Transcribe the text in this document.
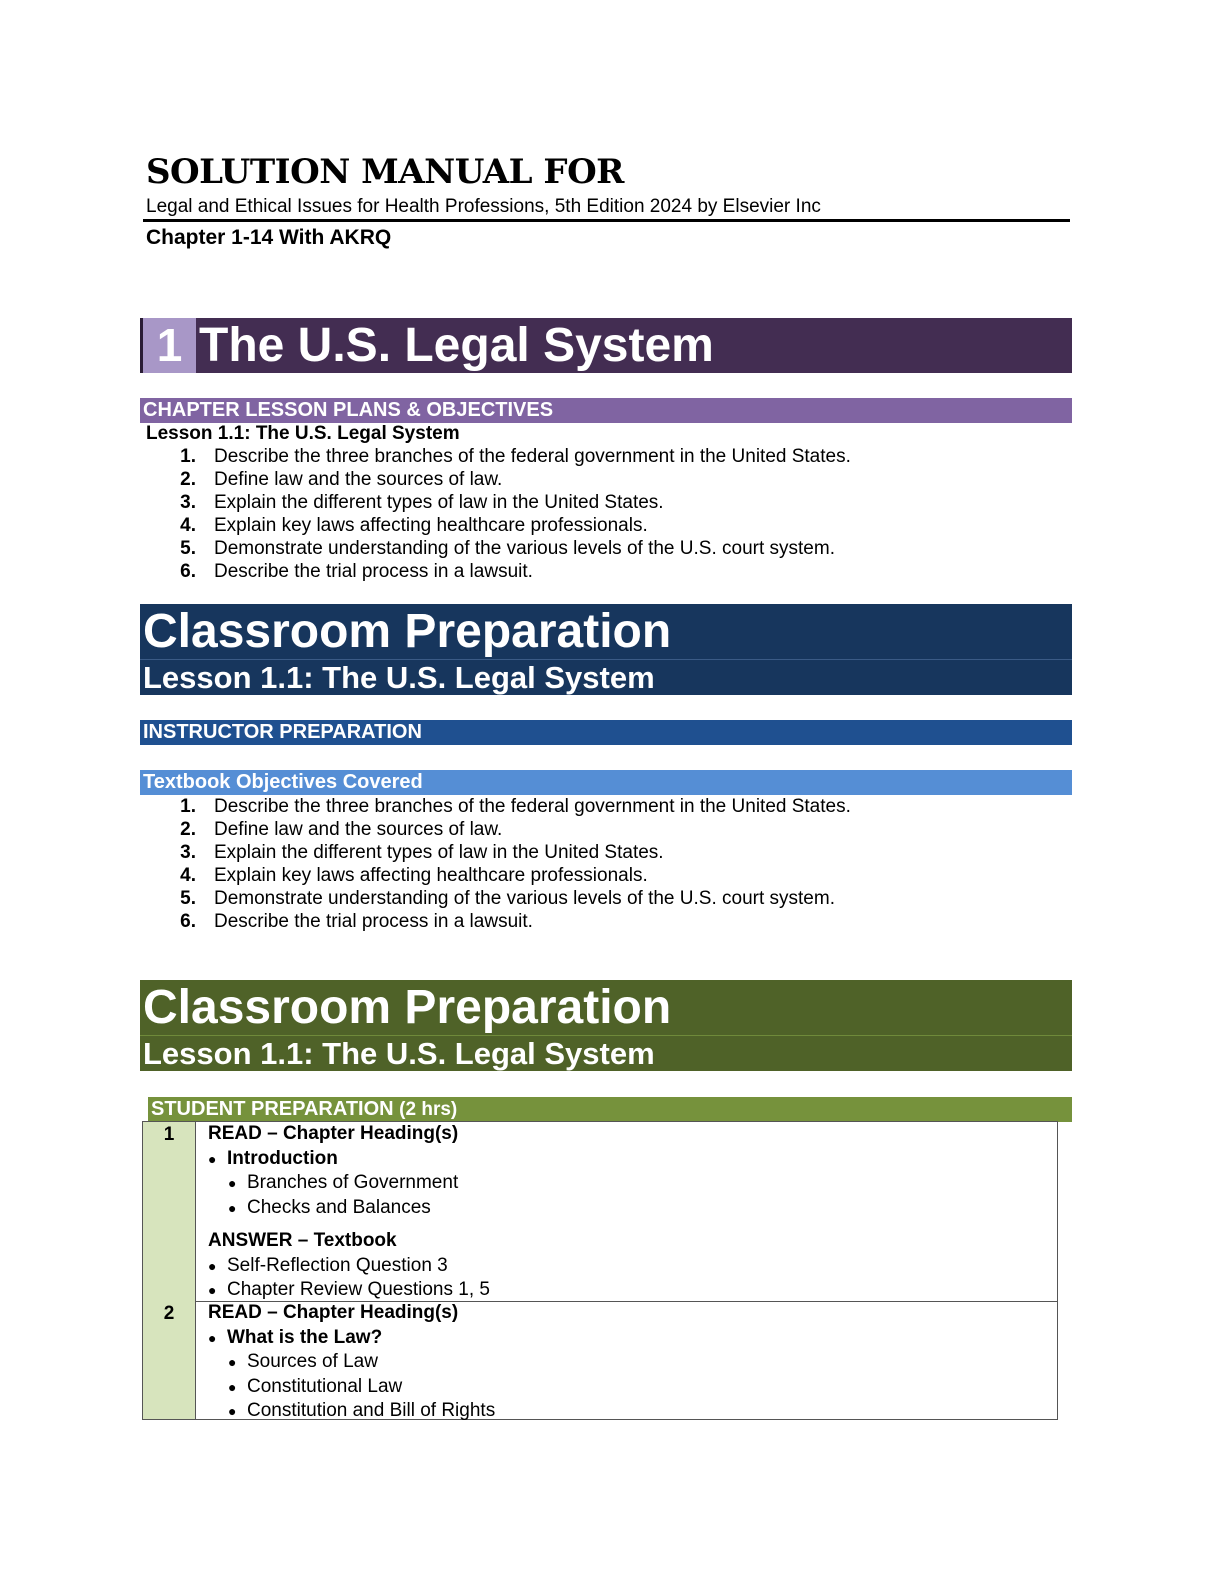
SOLUTION MANUAL FOR
Legal and Ethical Issues for Health Professions, 5th Edition 2024 by Elsevier Inc
Chapter 1-14 With AKRQ
1 The U.S. Legal System
CHAPTER LESSON PLANS & OBJECTIVES
Lesson 1.1: The U.S. Legal System
1. Describe the three branches of the federal government in the United States.
2. Define law and the sources of law.
3. Explain the different types of law in the United States.
4. Explain key laws affecting healthcare professionals.
5. Demonstrate understanding of the various levels of the U.S. court system.
6. Describe the trial process in a lawsuit.
Classroom Preparation
Lesson 1.1: The U.S. Legal System
INSTRUCTOR PREPARATION
Textbook Objectives Covered
1. Describe the three branches of the federal government in the United States.
2. Define law and the sources of law.
3. Explain the different types of law in the United States.
4. Explain key laws affecting healthcare professionals.
5. Demonstrate understanding of the various levels of the U.S. court system.
6. Describe the trial process in a lawsuit.
Classroom Preparation
Lesson 1.1: The U.S. Legal System
STUDENT PREPARATION (2 hrs)
1	READ – Chapter Heading(s)
● Introduction
● Branches of Government
● Checks and Balances
ANSWER – Textbook
● Self-Reflection Question 3
● Chapter Review Questions 1, 5
2	READ – Chapter Heading(s)
● What is the Law?
● Sources of Law
● Constitutional Law
● Constitution and Bill of Rights
